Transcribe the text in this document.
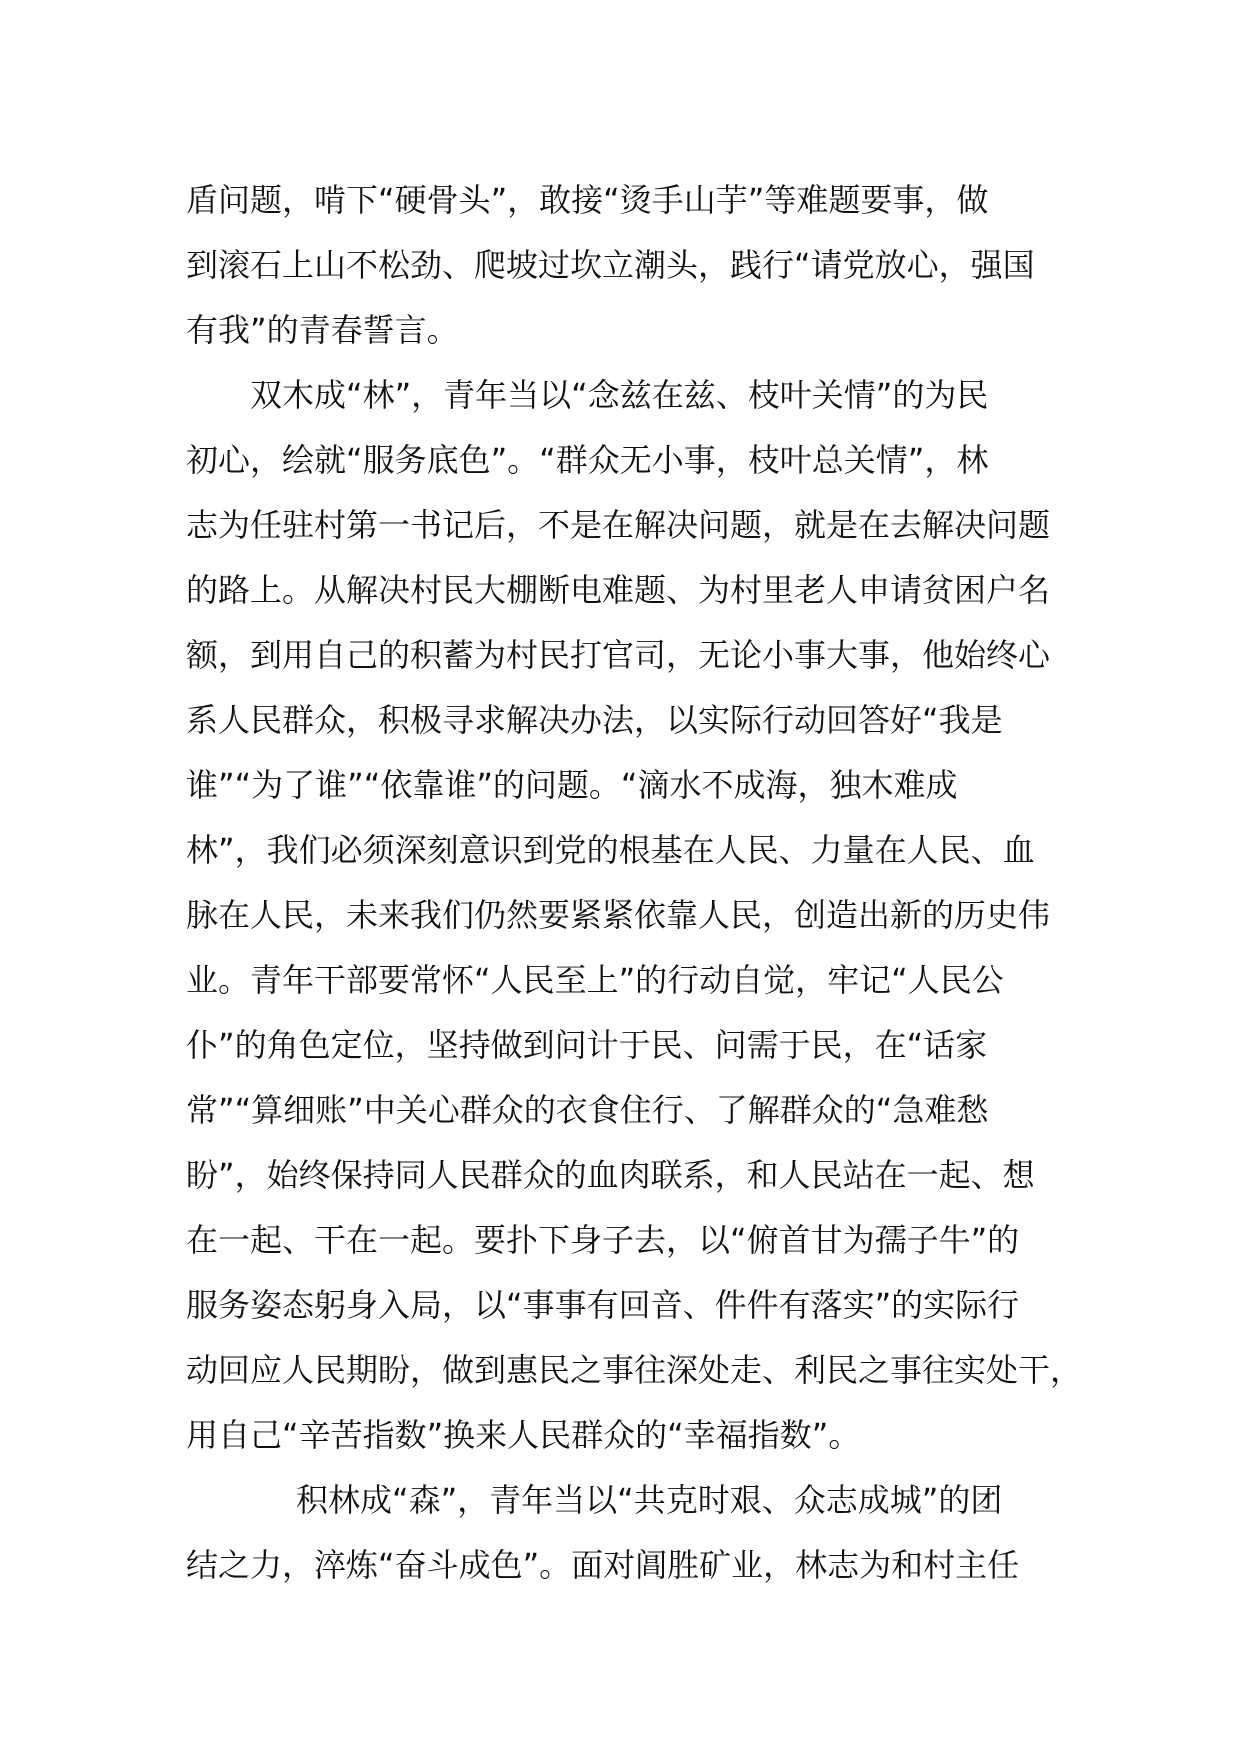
盾问题，啃下“硬骨头”，敢接“烫手山芋”等难题要事，做
到滚石上山不松劲、爬坡过坎立潮头，践行“请党放心，强国
有我”的青春誓言。
双木成“林”，青年当以“念兹在兹、枝叶关情”的为民
初心，绘就“服务底色”。“群众无小事，枝叶总关情”，林
志为任驻村第一书记后，不是在解决问题，就是在去解决问题
的路上。从解决村民大棚断电难题、为村里老人申请贫困户名
额，到用自己的积蓄为村民打官司，无论小事大事，他始终心
系人民群众，积极寻求解决办法，以实际行动回答好“我是
谁”“为了谁”“依靠谁”的问题。“滴水不成海，独木难成
林”，我们必须深刻意识到党的根基在人民、力量在人民、血
脉在人民，未来我们仍然要紧紧依靠人民，创造出新的历史伟
业。青年干部要常怀“人民至上”的行动自觉，牢记“人民公
仆”的角色定位，坚持做到问计于民、问需于民，在“话家
常”“算细账”中关心群众的衣食住行、了解群众的“急难愁
盼”，始终保持同人民群众的血肉联系，和人民站在一起、想
在一起、干在一起。要扑下身子去，以“俯首甘为孺子牛”的
服务姿态躬身入局，以“事事有回音、件件有落实”的实际行
动回应人民期盼，做到惠民之事往深处走、利民之事往实处干，
用自己“辛苦指数”换来人民群众的“幸福指数”。
积林成“森”，青年当以“共克时艰、众志成城”的团
结之力，淬炼“奋斗成色”。面对阊胜矿业，林志为和村主任
